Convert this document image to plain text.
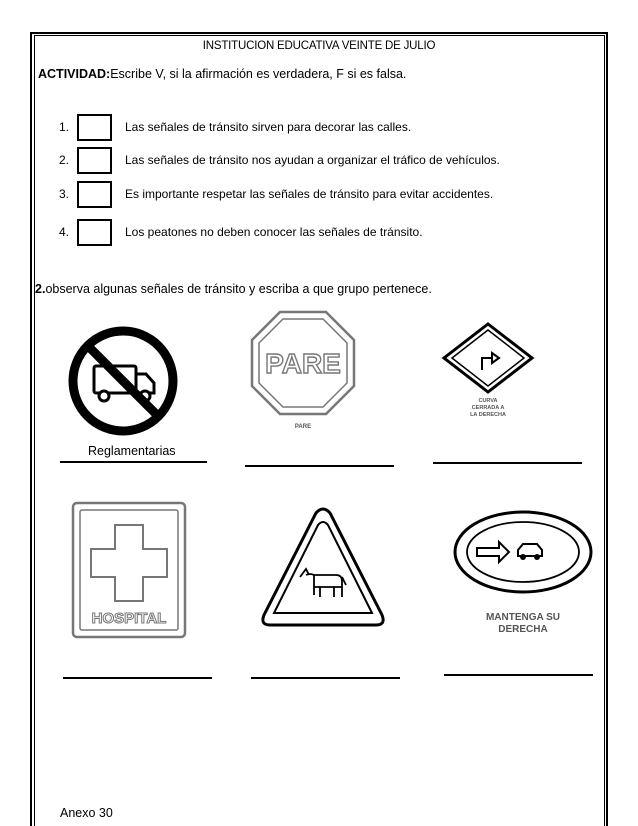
INSTITUCION EDUCATIVA VEINTE DE JULIO
ACTIVIDAD:Escribe V, si la afirmación es verdadera, F si es falsa.
1.	Las señales de tránsito sirven para decorar las calles.
2.	Las señales de tránsito nos ayudan a organizar el tráfico de vehículos.
3.	Es importante respetar las señales de tránsito para evitar accidentes.
4.	Los peatones no deben conocer las señales de tránsito.
2.observa algunas señales de tránsito y escriba a que grupo pertenece.
PARE
PARE
CURVA
CERRADA A
LA DERECHA
Reglamentarias
HOSPITAL	MANTENGA SU
DERECHA
Anexo 30
